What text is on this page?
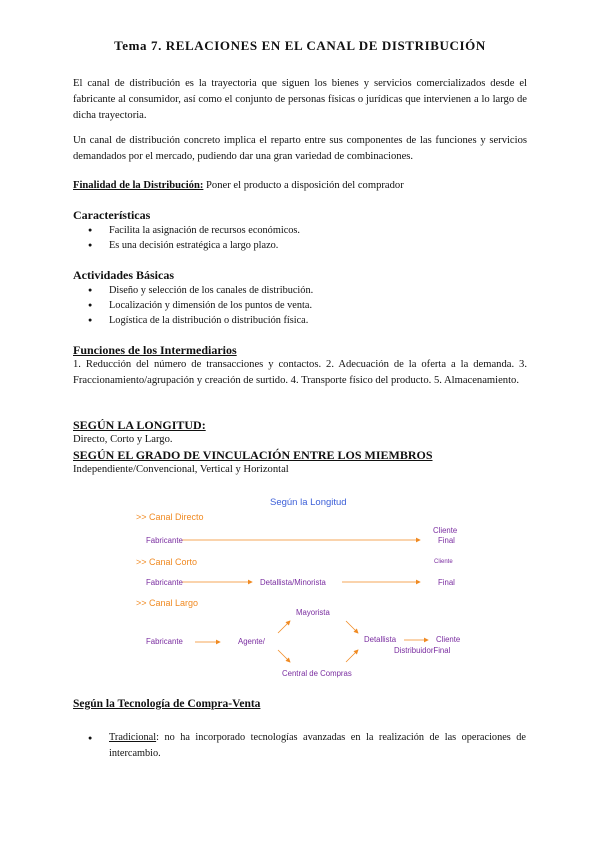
Tema 7. RELACIONES EN EL CANAL DE DISTRIBUCIÓN

El canal de distribución es la trayectoria que siguen los bienes y servicios comercializados desde el fabricante al consumidor, así como el conjunto de personas físicas o jurídicas que intervienen a lo largo de dicha trayectoria.

Un canal de distribución concreto implica el reparto entre sus componentes de las funciones y servicios demandados por el mercado, pudiendo dar una gran variedad de combinaciones.

Finalidad de la Distribución: Poner el producto a disposición del comprador

Características

● Facilita la asignación de recursos económicos.
● Es una decisión estratégica a largo plazo.

Actividades Básicas

● Diseño y selección de los canales de distribución.
● Localización y dimensión de los puntos de venta.
● Logística de la distribución o distribución física.

Funciones de los Intermediarios

1. Reducción del número de transacciones y contactos. 2. Adecuación de la oferta a la demanda. 3. Fraccionamiento/agrupación y creación de surtido. 4. Transporte físico del producto. 5. Almacenamiento.

SEGÚN LA LONGITUD:

Directo, Corto y Largo.

SEGÚN EL GRADO DE VINCULACIÓN ENTRE LOS MIEMBROS

Independiente/Convencional, Vertical y Horizontal

Según la Longitud
>> Canal Directo
Fabricante
Cliente
Final
>> Canal Corto
Fabricante	Detallista/Minorista
Cliente
Final
>> Canal Largo
Mayorista
Fabricante	Agente/	Detallista	Cliente
DistribuidorFinal
Central de Compras

Según la Tecnología de Compra-Venta

● Tradicional: no ha incorporado tecnologías avanzadas en la realización de las operaciones de intercambio.
